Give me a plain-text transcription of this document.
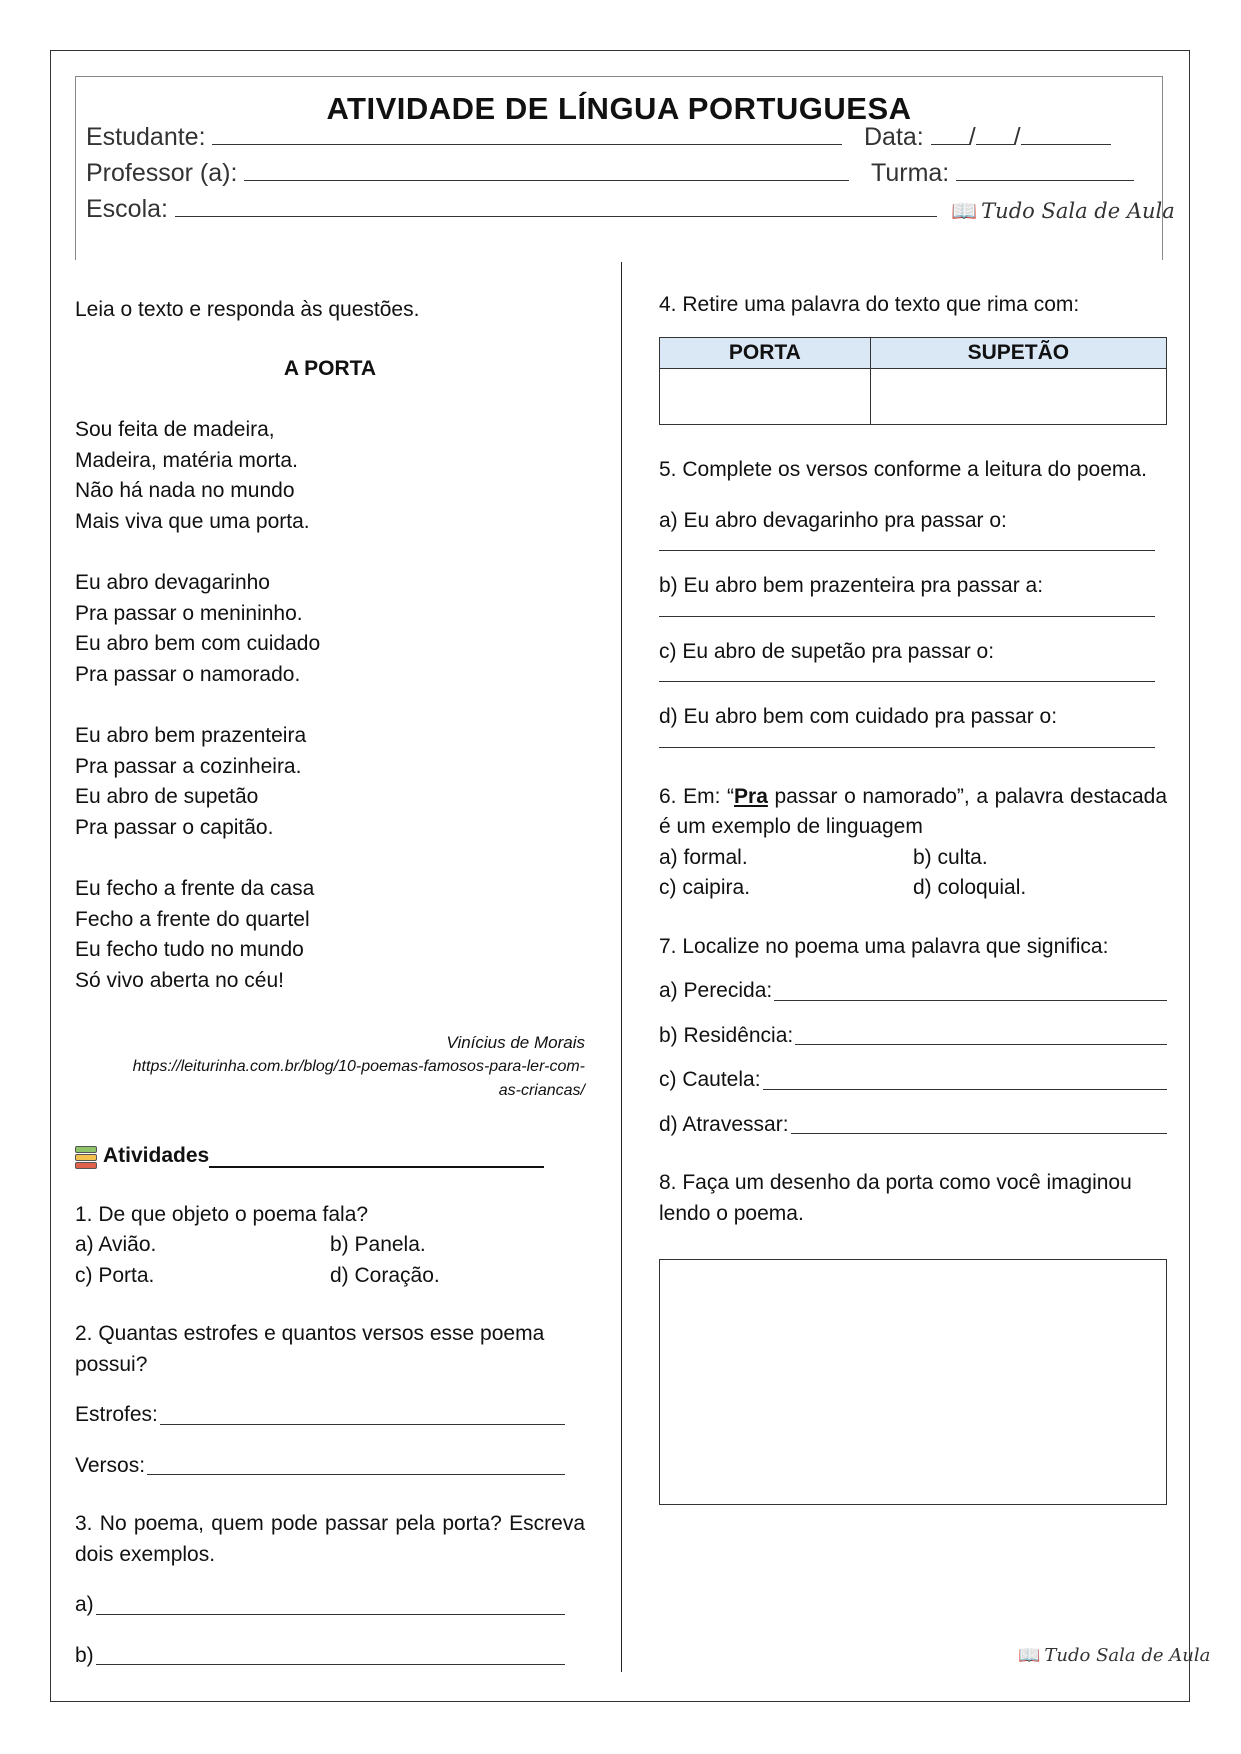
ATIVIDADE DE LÍNGUA PORTUGUESA
Estudante:	Data: / /
Professor (a):	Turma:
Escola:	📖 Tudo Sala de Aula

Leia o texto e responda às questões.

A PORTA
Sou feita de madeira,
Madeira, matéria morta.
Não há nada no mundo
Mais viva que uma porta.
Eu abro devagarinho
Pra passar o menininho.
Eu abro bem com cuidado
Pra passar o namorado.
Eu abro bem prazenteira
Pra passar a cozinheira.
Eu abro de supetão
Pra passar o capitão.
Eu fecho a frente da casa
Fecho a frente do quartel
Eu fecho tudo no mundo
Só vivo aberta no céu!
Vinícius de Morais
https://leiturinha.com.br/blog/10-poemas-famosos-para-ler-com-
as-criancas/
Atividades
1. De que objeto o poema fala?
a) Avião.	b) Panela.
c) Porta.	d) Coração.
2. Quantas estrofes e quantos versos esse poema possui?
Estrofes:
Versos:
3. No poema, quem pode passar pela porta? Escreva dois exemplos.
a)
b)
4. Retire uma palavra do texto que rima com:
PORTA	SUPETÃO

5. Complete os versos conforme a leitura do poema.
a) Eu abro devagarinho pra passar o:
b) Eu abro bem prazenteira pra passar a:
c) Eu abro de supetão pra passar o:
d) Eu abro bem com cuidado pra passar o:
6. Em: “Pra passar o namorado”, a palavra destacada é um exemplo de linguagem
a) formal.	b) culta.
c) caipira.	d) coloquial.
7. Localize no poema uma palavra que significa:
a) Perecida:
b) Residência:
c) Cautela:
d) Atravessar:
8. Faça um desenho da porta como você imaginou lendo o poema.
📖 Tudo Sala de Aula
